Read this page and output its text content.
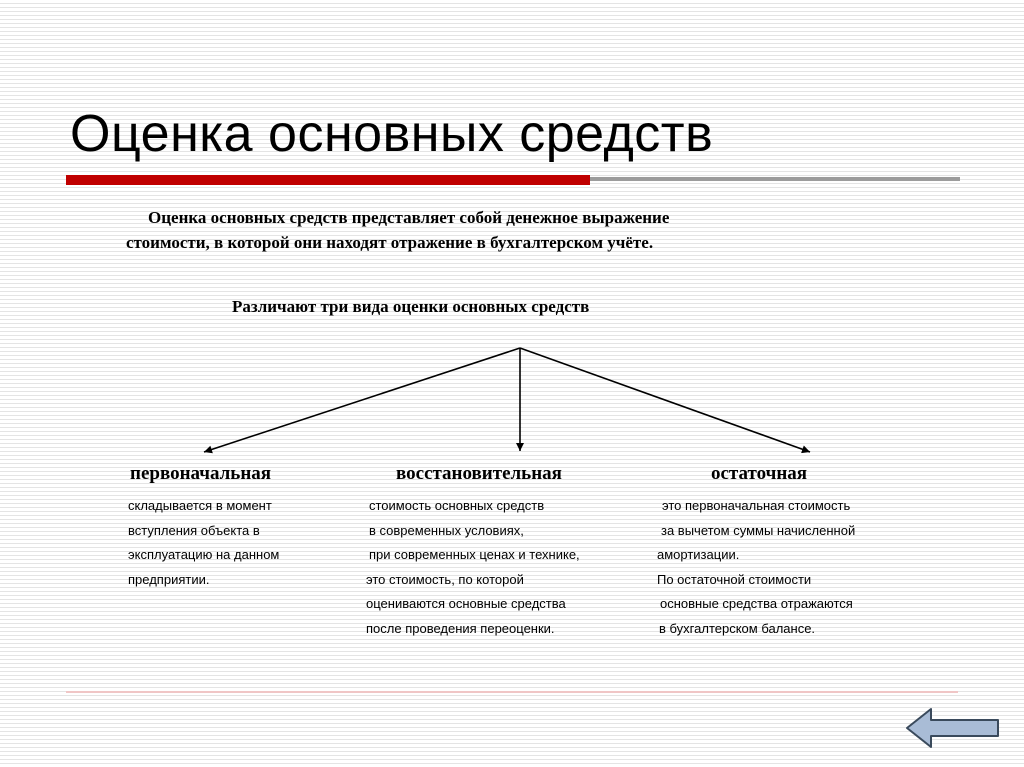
Оценка основных средств
Оценка основных средств представляет собой денежное выражение
стоимости, в которой они находят отражение в бухгалтерском учёте.
Различают три вида оценки основных средств
первоначальная	восстановительная	остаточная
складывается в момент
вступления объекта в
эксплуатацию на данном
предприятии.
стоимость основных средств
в современных условиях,
при современных ценах и технике,
это стоимость, по которой
оцениваются основные средства
после проведения переоценки.
это первоначальная стоимость
за вычетом суммы начисленной
амортизации.
По остаточной стоимости
основные средства отражаются
в бухгалтерском балансе.
